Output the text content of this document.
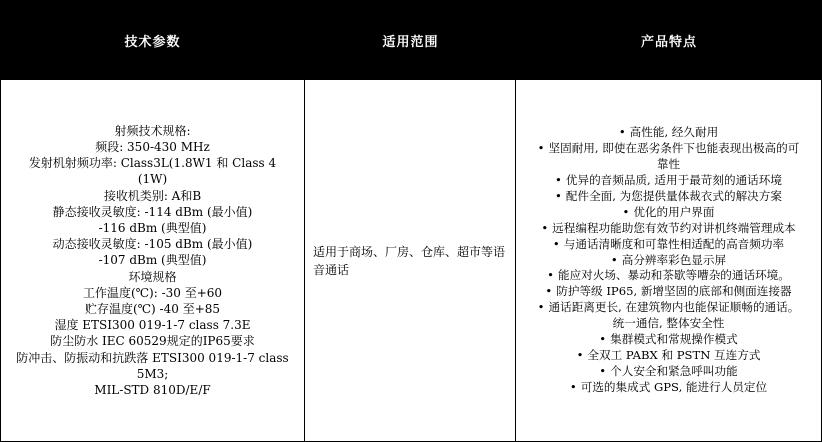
技术参数	适用范围	产品特点
射频技术规格:
频段: 350-430 MHz
发射机射频功率: Class3L(1.8W1 和 Class 4
(1W)
接收机类别: A和B
静态接收灵敏度: -114 dBm (最小值)
-116 dBm (典型值)
动态接收灵敏度: -105 dBm (最小值)
-107 dBm (典型值)
环境规格
工作温度(℃): -30 至+60
贮存温度(℃) -40 至+85
湿度 ETSI300 019-1-7 class 7.3E
防尘防水 IEC 60529规定的IP65要求
防冲击、防振动和抗跌落 ETSI300 019-1-7 class
5M3;
MIL-STD 810D/E/F
适用于商场、厂房、仓库、超市等语音通话
• 高性能, 经久耐用
• 坚固耐用, 即使在恶劣条件下也能表现出极高的可
靠性
• 优异的音频品质, 适用于最苛刻的通话环境
• 配件全面, 为您提供量体裁衣式的解决方案
• 优化的用户界面
• 远程编程功能助您有效节约对讲机终端管理成本
• 与通话清晰度和可靠性相适配的高音频功率
• 高分辨率彩色显示屏
• 能应对火场、暴动和茶歇等嘈杂的通话环境。
• 防护等级 IP65, 新增坚固的底部和侧面连接器
• 通话距离更长, 在建筑物内也能保证顺畅的通话。
统一通信, 整体安全性
• 集群模式和常规操作模式
• 全双工 PABX 和 PSTN 互连方式
• 个人安全和紧急呼叫功能
• 可选的集成式 GPS, 能进行人员定位
